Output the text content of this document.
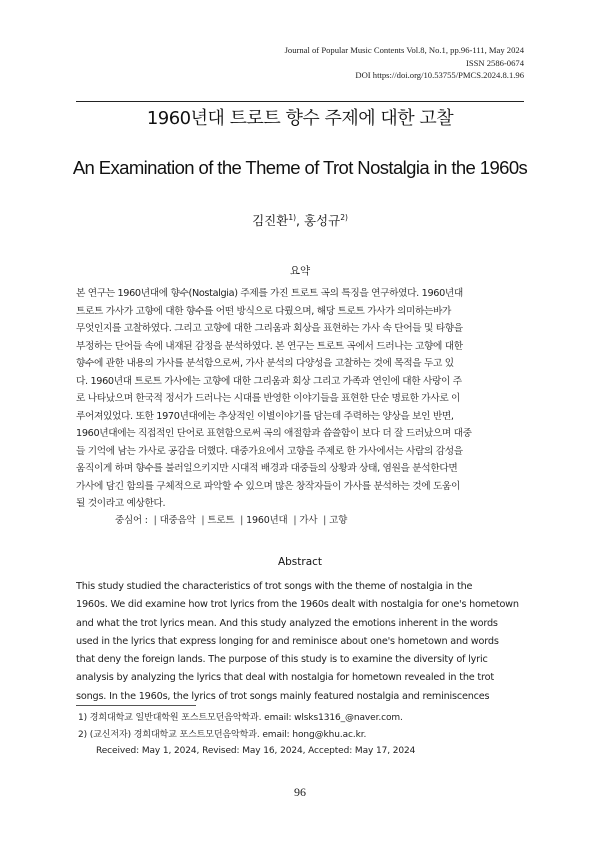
Journal of Popular Music Contents Vol.8, No.1, pp.96-111, May 2024
ISSN 2586-0674
DOI https://doi.org/10.53755/PMCS.2024.8.1.96
1960년대 트로트 향수 주제에 대한 고찰
An Examination of the Theme of Trot Nostalgia in the 1960s
김진환$^{1)}$, 홍성규$^{2)}$
요약
본 연구는 1960년대에 향수(Nostalgia) 주제를 가진 트로트 곡의 특징을 연구하였다. 1960년대
트로트 가사가 고향에 대한 향수를 어떤 방식으로 다뤘으며, 해당 트로트 가사가 의미하는바가
무엇인지를 고찰하였다. 그리고 고향에 대한 그리움과 회상을 표현하는 가사 속 단어들 및 타향을
부정하는 단어들 속에 내재된 감정을 분석하였다. 본 연구는 트로트 곡에서 드러나는 고향에 대한
향수에 관한 내용의 가사를 분석함으로써, 가사 분석의 다양성을 고찰하는 것에 목적을 두고 있
다. 1960년대 트로트 가사에는 고향에 대한 그리움과 회상 그리고 가족과 연인에 대한 사랑이 주
로 나타났으며 한국적 정서가 드러나는 시대를 반영한 이야기들을 표현한 단순 명료한 가사로 이
루어져있었다. 또한 1970년대에는 추상적인 이별이야기를 담는데 주력하는 양상을 보인 반면,
1960년대에는 직접적인 단어로 표현함으로써 곡의 애절함과 씁쓸함이 보다 더 잘 드러났으며 대중
들 기억에 남는 가사로 공감을 더했다. 대중가요에서 고향을 주제로 한 가사에서는 사람의 감성을
움직이게 하며 향수를 불러일으키지만 시대적 배경과 대중들의 상황과 상태, 염원을 분석한다면
가사에 담긴 함의를 구체적으로 파악할 수 있으며 많은 창작자들이 가사를 분석하는 것에 도움이
될 것이라고 예상한다.
중심어 : | 대중음악 | 트로트 | 1960년대 | 가사 | 고향
Abstract
This study studied the characteristics of trot songs with the theme of nostalgia in the
1960s. We did examine how trot lyrics from the 1960s dealt with nostalgia for one's hometown
and what the trot lyrics mean. And this study analyzed the emotions inherent in the words
used in the lyrics that express longing for and reminisce about one's hometown and words
that deny the foreign lands. The purpose of this study is to examine the diversity of lyric
analysis by analyzing the lyrics that deal with nostalgia for hometown revealed in the trot
songs. In the 1960s, the lyrics of trot songs mainly featured nostalgia and reminiscences
1) 경희대학교 일반대학원 포스트모던음악학과. email: wlsks1316_@naver.com.
2) (교신저자) 경희대학교 포스트모던음악학과. email: hong@khu.ac.kr.
Received: May 1, 2024, Revised: May 16, 2024, Accepted: May 17, 2024
96
